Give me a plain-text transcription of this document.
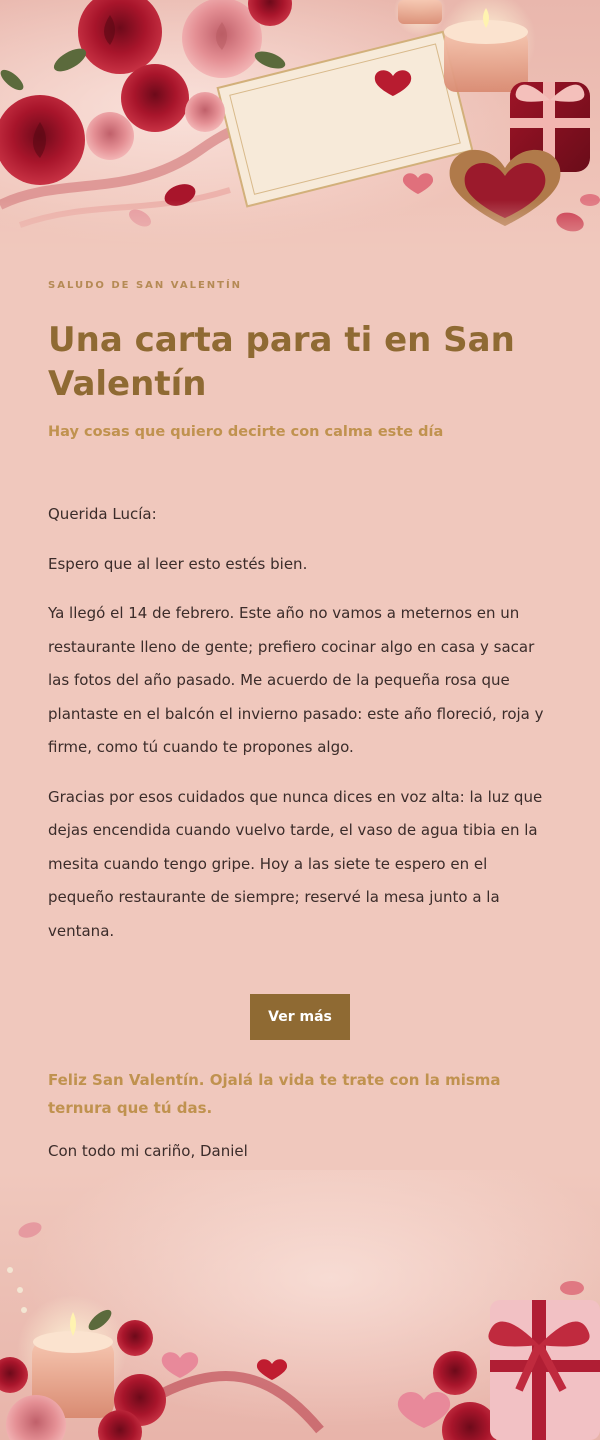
SALUDO DE SAN VALENTÍN

Una carta para ti en San Valentín

Hay cosas que quiero decirte con calma este día

Querida Lucía:

Espero que al leer esto estés bien.

Ya llegó el 14 de febrero. Este año no vamos a meternos en un restaurante lleno de gente; prefiero cocinar algo en casa y sacar las fotos del año pasado. Me acuerdo de la pequeña rosa que plantaste en el balcón el invierno pasado: este año floreció, roja y firme, como tú cuando te propones algo.

Gracias por esos cuidados que nunca dices en voz alta: la luz que dejas encendida cuando vuelvo tarde, el vaso de agua tibia en la mesita cuando tengo gripe. Hoy a las siete te espero en el pequeño restaurante de siempre; reservé la mesa junto a la ventana.

Ver más

Feliz San Valentín. Ojalá la vida te trate con la misma ternura que tú das.

Con todo mi cariño, Daniel
